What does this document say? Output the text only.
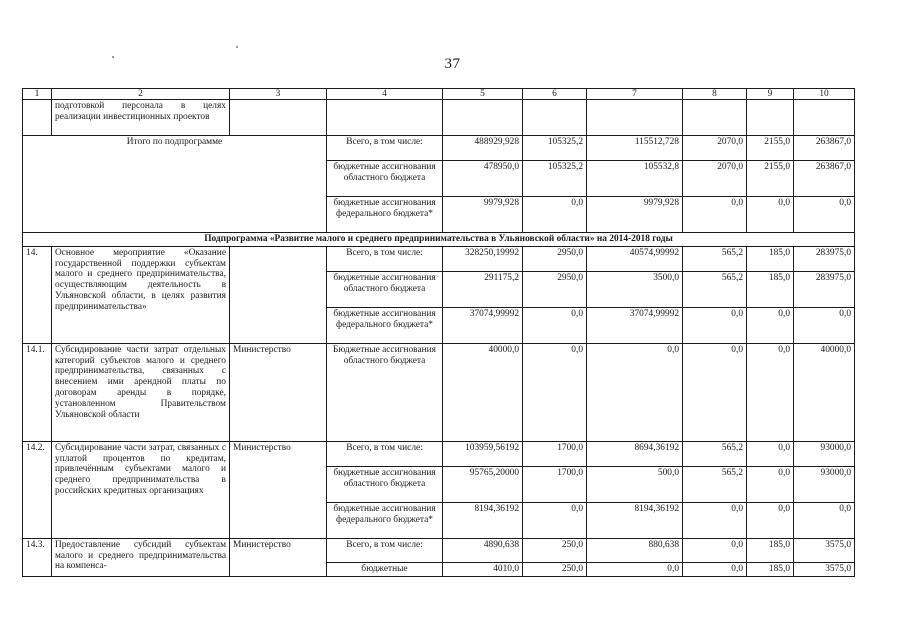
37
1	2	3	4	5	6	7	8	9	10
	подготовкой персонала в целях реализации инвестиционных проектов								
Итого по подпрограмме			Всего, в том числе:	488929,928	105325,2	115512,728	2070,0	2155,0	263867,0
			бюджетные ассигнования областного бюджета	478950,0	105325,2	105532,8	2070,0	2155,0	263867,0
			бюджетные ассигнования федерального бюджета*	9979,928	0,0	9979,928	0,0	0,0	0,0
Подпрограмма «Развитие малого и среднего предпринимательства в Ульяновской области» на 2014-2018 годы									
14.	Основное мероприятие «Оказание государственной поддержки субъектам малого и среднего предпринимательства, осуществляющим деятельность в Ульяновской области, в целях развития предпринимательства»		Всего, в том числе:	328250,19992	2950,0	40574,99992	565,2	185,0	283975,0
			бюджетные ассигнования областного бюджета	291175,2	2950,0	3500,0	565,2	185,0	283975,0
			бюджетные ассигнования федерального бюджета*	37074,99992	0,0	37074,99992	0,0	0,0	0,0
14.1.	Субсидирование части затрат отдельных категорий субъектов малого и среднего предпринимательства, связанных с внесением ими арендной платы по договорам аренды в порядке, установленном Правительством Ульяновской области	Министерство	Бюджетные ассигнования областного бюджета	40000,0	0,0	0,0	0,0	0,0	40000,0
14.2.	Субсидирование части затрат, связанных с уплатой процентов по кредитам, привлечённым субъектами малого и среднего предпринимательства в российских кредитных организациях	Министерство	Всего, в том числе:	103959,56192	1700,0	8694,36192	565,2	0,0	93000,0
			бюджетные ассигнования областного бюджета	95765,20000	1700,0	500,0	565,2	0,0	93000,0
			бюджетные ассигнования федерального бюджета*	8194,36192	0,0	8194,36192	0,0	0,0	0,0
14.3.	Предоставление субсидий субъектам малого и среднего предпринимательства на компенса-	Министерство	Всего, в том числе:	4890,638	250,0	880,638	0,0	185,0	3575,0
			бюджетные	4010,0	250,0	0,0	0,0	185,0	3575,0
